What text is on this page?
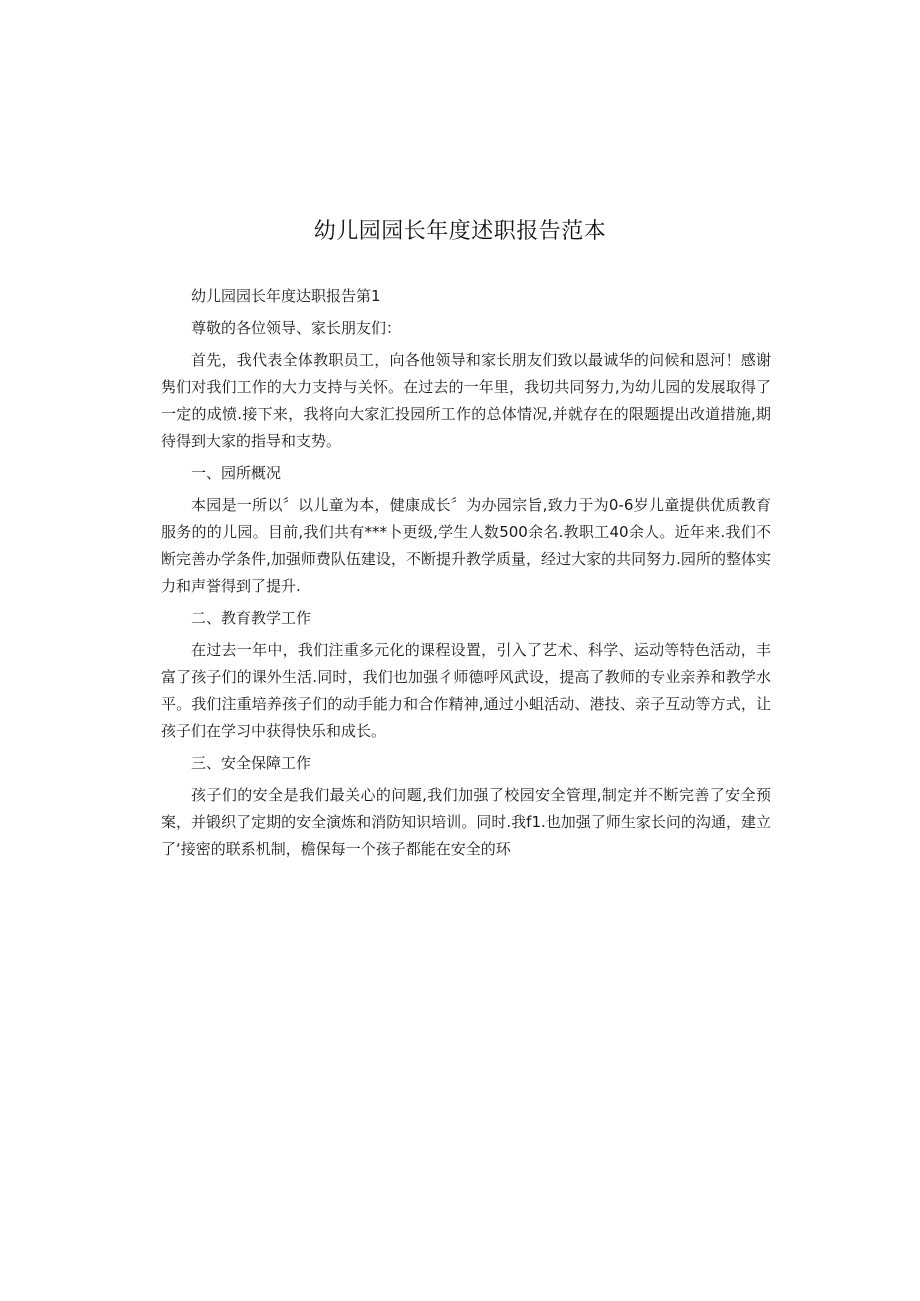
幼儿园园长年度述职报告范本

幼儿园园长年度达职报告第1

尊敬的各位领导、家长朋友们：

首先，我代表全体教职员工，向各他领导和家长朋友们致以最诚华的问候和恩河！感谢隽们对我们工作的大力支持与关怀。在过去的一年里，我切共同努力,为幼儿园的发展取得了一定的成愤.接下来，我将向大家汇投园所工作的总体情况,并就存在的限题提出改道措施,期待得到大家的指导和支势。

一、园所概况

本园是一所以〞以儿童为本，健康成长〞为办园宗旨,致力于为0-6岁儿童提供优质教育服务的的儿园。目前,我们共有***卜更级,学生人数500余名.教职工40余人。近年来.我们不断完善办学条件,加强师费队伍建设，不断提升教学质量，经过大家的共同努力.园所的整体实力和声誉得到了提升.

二、教育教学工作

在过去一年中，我们注重多元化的课程设置，引入了艺术、科学、运动等特色活动，丰富了孩子们的课外生活.同时，我们也加强彳师德呼风武设，提高了教师的专业亲养和教学水平。我们注重培养孩子们的动手能力和合作精神,通过小蛆活动、港技、亲子互动等方式，让孩子们在学习中获得快乐和成长。

三、安全保障工作

孩子们的安全是我们最关心的问题,我们加强了校园安全管理,制定并不断完善了安全预案，并锻织了定期的安全演炼和消防知识培训。同时.我f1.也加强了师生家长问的沟通，建立了‘接密的联系机制，檐保每一个孩子都能在安全的环
